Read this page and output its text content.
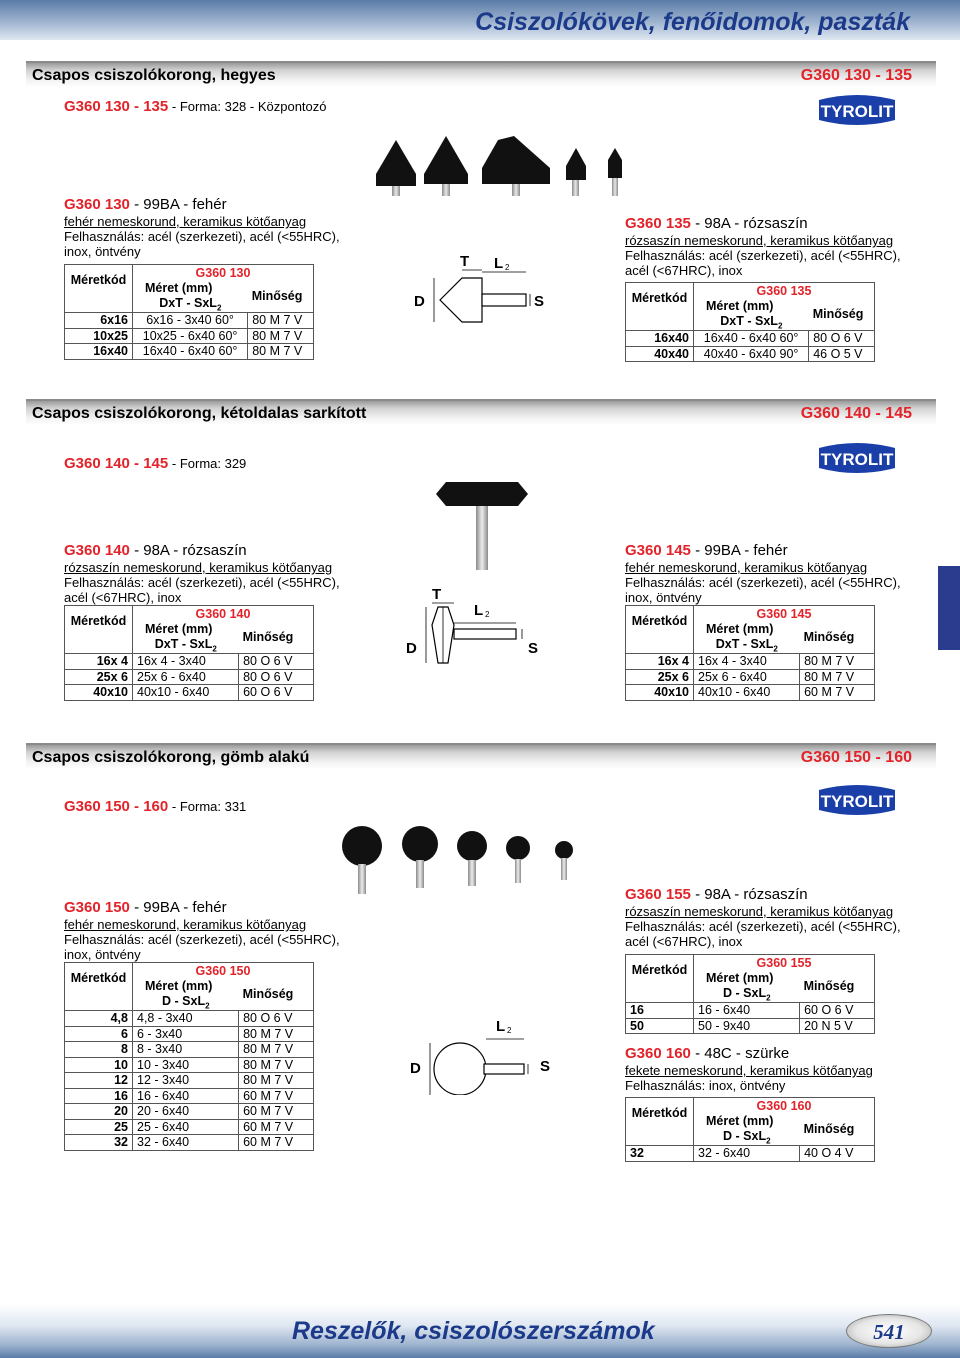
Csiszolókövek, fenőidomok, paszták
Csapos csiszolókorong, hegyes	G360 130 - 135
G360 130 - 135 - Forma: 328 - Központozó	TYROLIT
G360 130 - 99BA - fehér
fehér nemeskorund, keramikus kötőanyag
Felhasználás: acél (szerkezeti), acél (<55HRC),
inox, öntvény
Méretkód	G360 130	
	Méret (mm)	Minőség
	DxT - SxL$_2$
6x16	6x16 - 3x40 60°	80 M 7 V
10x25	10x25 - 6x40 60°	80 M 7 V
16x40	16x40 - 6x40 60°	80 M 7 V
D
T L 2
S
G360 135 - 98A - rózsaszín
rózsaszín nemeskorund, keramikus kötőanyag
Felhasználás: acél (szerkezeti), acél (<55HRC),
acél (<67HRC), inox
Méretkód	G360 135	
	Méret (mm)	Minőség
	DxT - SxL$_2$
16x40	16x40 - 6x40 60°	80 O 6 V
40x40	40x40 - 6x40 90°	46 O 5 V
Csapos csiszolókorong, kétoldalas sarkított	G360 140 - 145
G360 140 - 145 - Forma: 329	TYROLIT
G360 140 - 98A - rózsaszín
rózsaszín nemeskorund, keramikus kötőanyag
Felhasználás: acél (szerkezeti), acél (<55HRC),
acél (<67HRC), inox
Méretkód	G360 140	
	Méret (mm)	Minőség
	DxT - SxL$_2$
16x 4	16x 4 - 3x40	80 O 6 V
25x 6	25x 6 - 6x40	80 O 6 V
40x10	40x10 - 6x40	60 O 6 V
D
T
L 2
S
G360 145 - 99BA - fehér
fehér nemeskorund, keramikus kötőanyag
Felhasználás: acél (szerkezeti), acél (<55HRC),
inox, öntvény
Méretkód	G360 145	
	Méret (mm)	Minőség
	DxT - SxL$_2$
16x 4	16x 4 - 3x40	80 M 7 V
25x 6	25x 6 - 6x40	80 M 7 V
40x10	40x10 - 6x40	60 M 7 V
Csapos csiszolókorong, gömb alakú	G360 150 - 160
G360 150 - 160 - Forma: 331	TYROLIT
G360 150 - 99BA - fehér
fehér nemeskorund, keramikus kötőanyag
Felhasználás: acél (szerkezeti), acél (<55HRC),
inox, öntvény
Méretkód	G360 150	
	Méret (mm)	Minőség
	D - SxL$_2$
4,8	4,8 - 3x40	80 O 6 V
6	6 - 3x40	80 M 7 V
8	8 - 3x40	80 M 7 V
10	10 - 3x40	80 M 7 V
12	12 - 3x40	80 M 7 V
16	16 - 6x40	60 M 7 V
20	20 - 6x40	60 M 7 V
25	25 - 6x40	60 M 7 V
32	32 - 6x40	60 M 7 V
D
L 2
S
G360 155 - 98A - rózsaszín
rózsaszín nemeskorund, keramikus kötőanyag
Felhasználás: acél (szerkezeti), acél (<55HRC),
acél (<67HRC), inox
Méretkód	G360 155	
	Méret (mm)	Minőség
	D - SxL$_2$
16	16 - 6x40	60 O 6 V
50	50 - 9x40	20 N 5 V
G360 160 - 48C - szürke
fekete nemeskorund, keramikus kötőanyag
Felhasználás: inox, öntvény
Méretkód	G360 160	
	Méret (mm)	Minőség
	D - SxL$_2$
32	32 - 6x40	40 O 4 V
Reszelők, csiszolószerszámok	541
